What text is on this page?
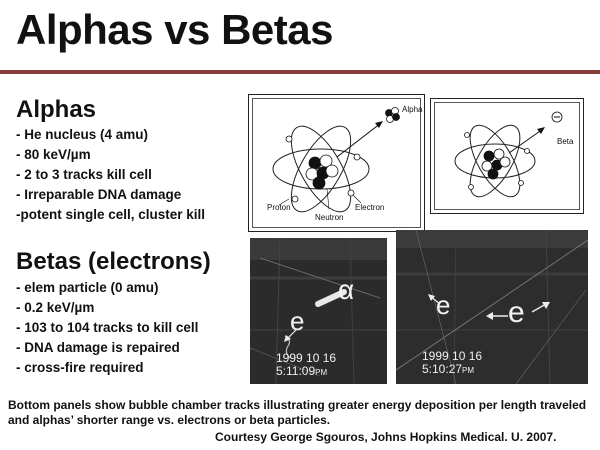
Alphas vs Betas
Alphas
- He nucleus (4 amu)
- 80 keV/µm
- 2 to 3 tracks kill cell
- Irreparable DNA damage
-potent single cell, cluster kill
Betas (electrons)
- elem particle (0 amu)
- 0.2 keV/µm
- 103 to 104 tracks to kill cell
- DNA damage is repaired
- cross-fire required
Alpha
Proton
Neutron
Electron
Beta
α
e
1999 10 16
5:11:09PM
e e
1999 10 16
5:10:27PM
Bottom panels show bubble chamber tracks illustrating greater energy deposition per length traveled and alphas’ shorter range vs. electrons or beta particles.
Courtesy George Sgouros, Johns Hopkins Medical. U. 2007.
